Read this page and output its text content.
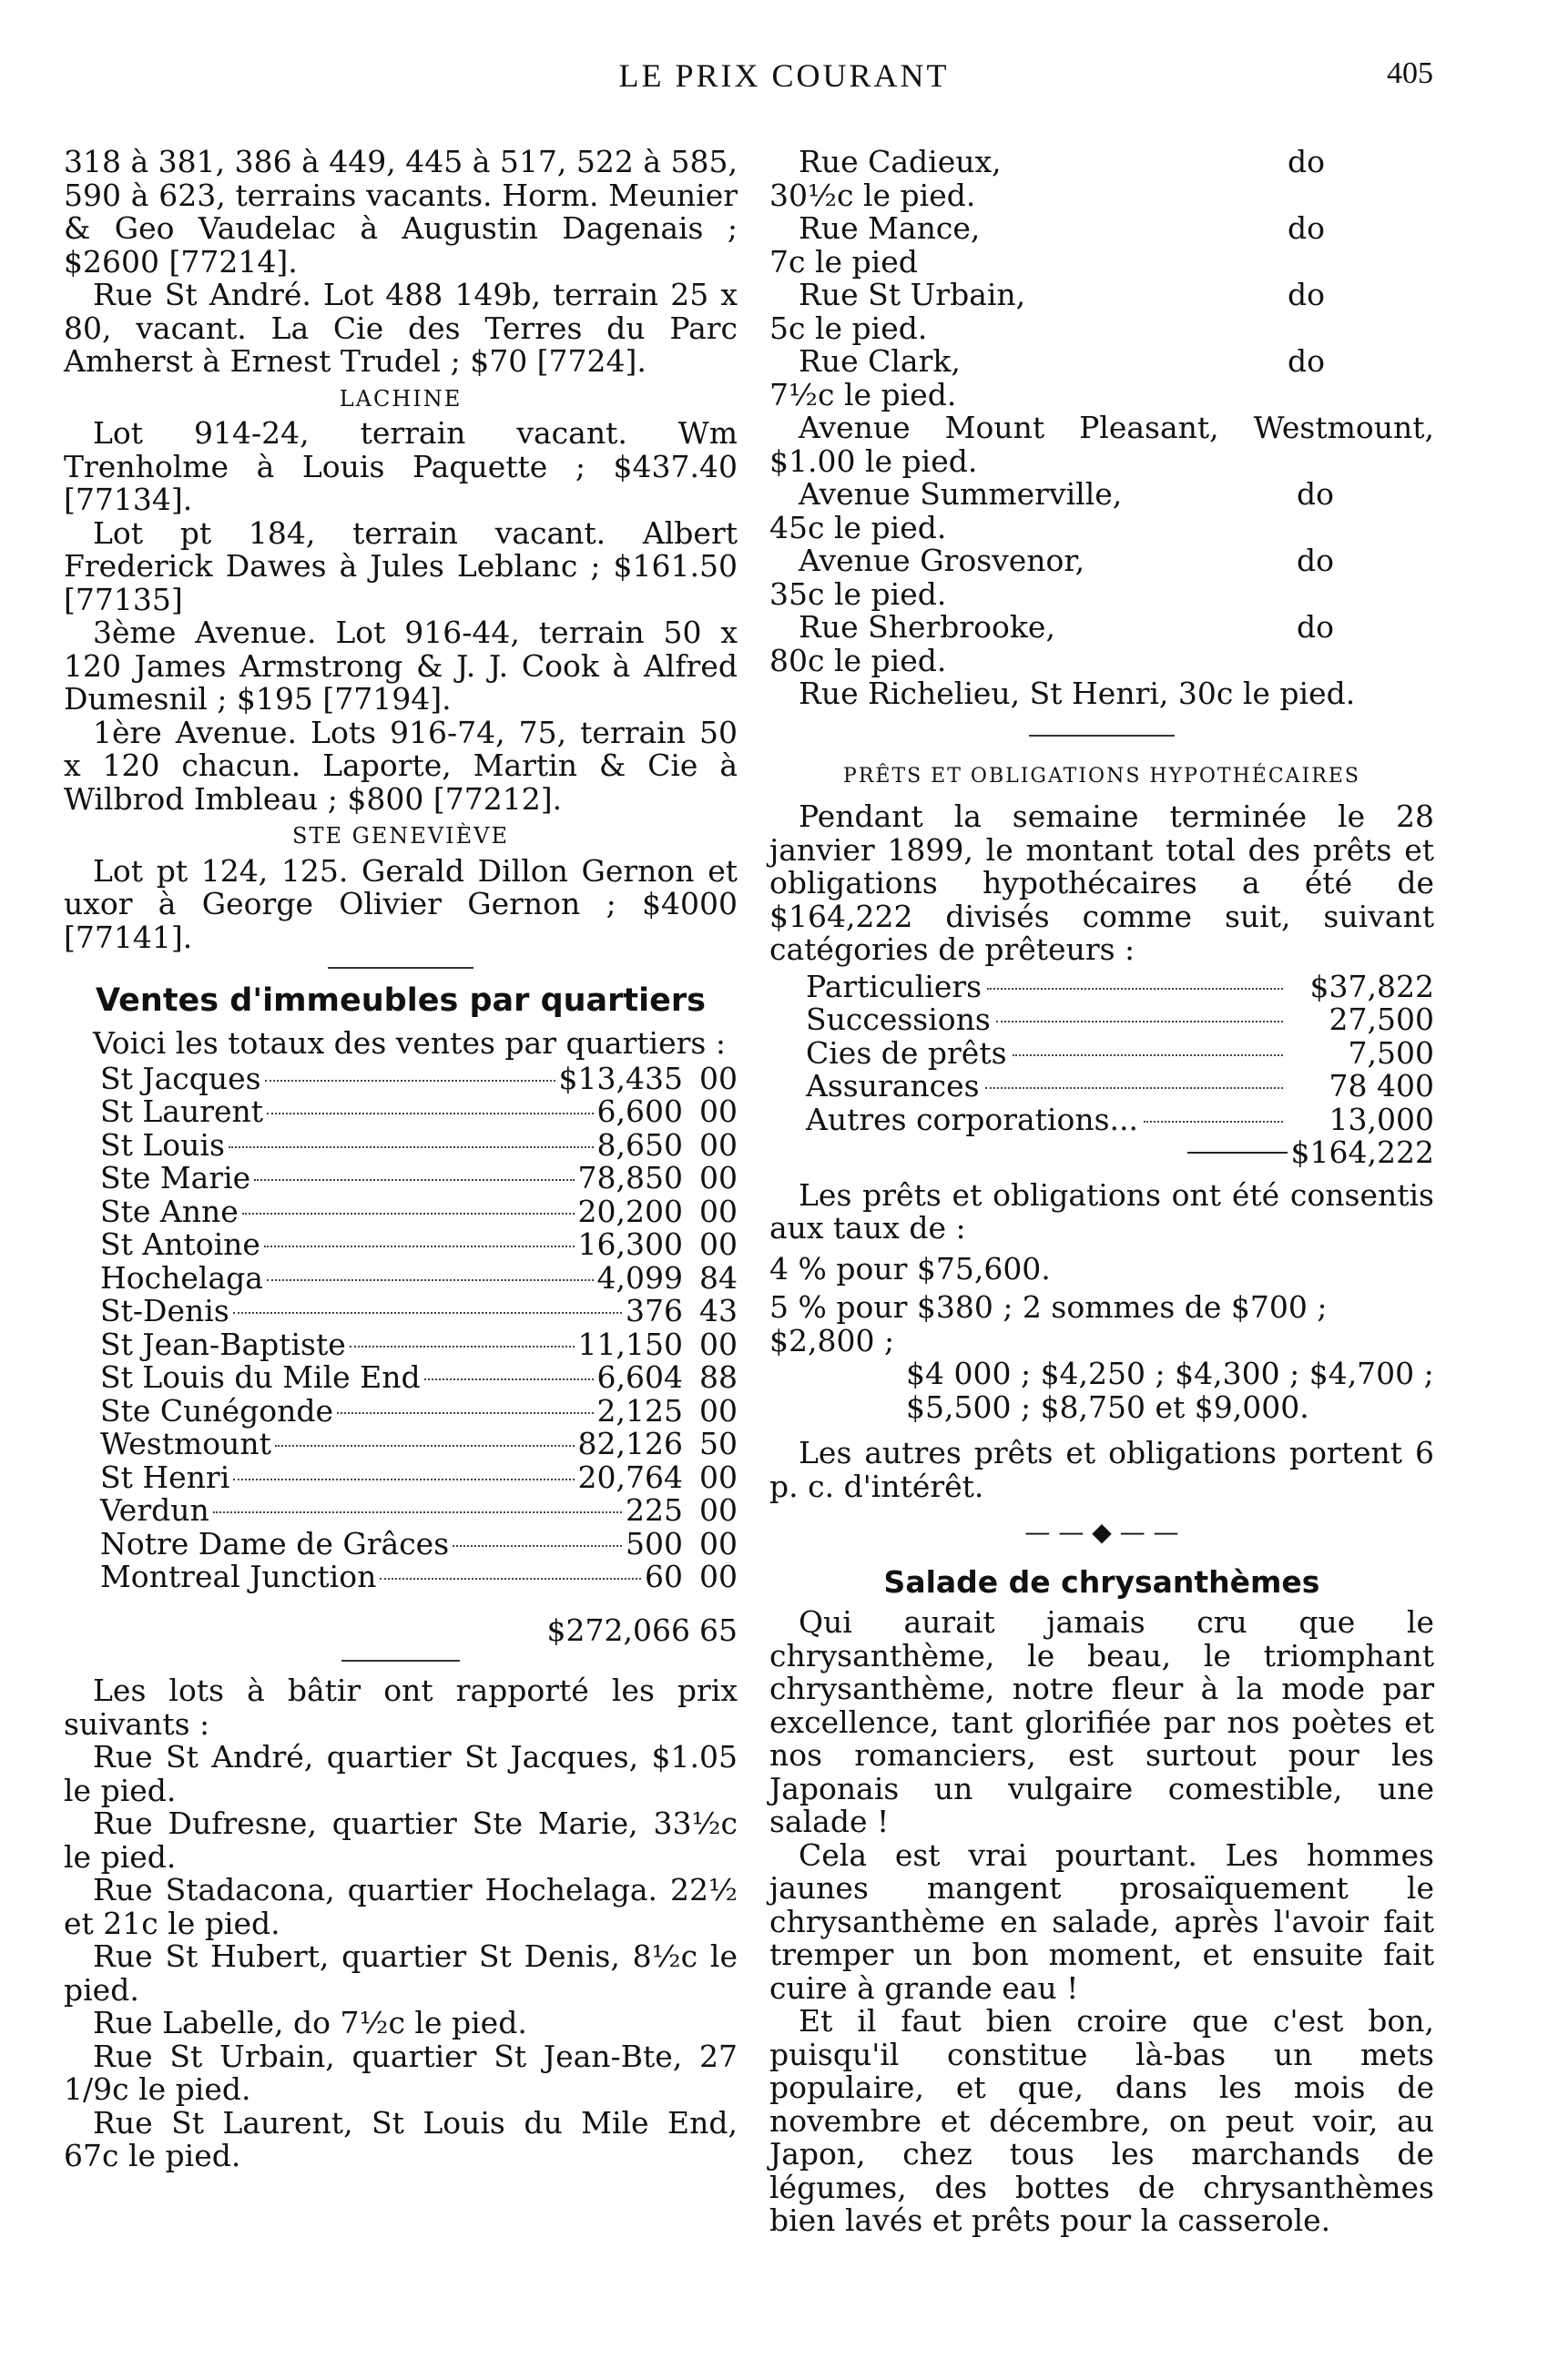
LE PRIX COURANT	405

318 à 381, 386 à 449, 445 à 517, 522 à 585, 590 à 623, terrains vacants. Horm. Meunier & Geo Vaudelac à Augustin Dagenais ; $2600 [77214].

Rue St André. Lot 488 149b, terrain 25 x 80, vacant. La Cie des Terres du Parc Amherst à Ernest Trudel ; $70 [7724].

LACHINE

Lot 914-24, terrain vacant. Wm Trenholme à Louis Paquette ; $437.40 [77134].

Lot pt 184, terrain vacant. Albert Frederick Dawes à Jules Leblanc ; $161.50 [77135]

3ème Avenue. Lot 916-44, terrain 50 x 120 James Armstrong & J. J. Cook à Alfred Dumesnil ; $195 [77194].

1ère Avenue. Lots 916-74, 75, terrain 50 x 120 chacun. Laporte, Martin & Cie à Wilbrod Imbleau ; $800 [77212].

STE GENEVIÈVE

Lot pt 124, 125. Gerald Dillon Gernon et uxor à George Olivier Gernon ; $4000 [77141].

Ventes d'immeubles par quartiers

Voici les totaux des ventes par quartiers :

St Jacques	$13,435 00
St Laurent	6,600 00
St Louis	8,650 00
Ste Marie	78,850 00
Ste Anne	20,200 00
St Antoine	16,300 00
Hochelaga	4,099 84
St-Denis	376 43
St Jean-Baptiste	11,150 00
St Louis du Mile End	6,604 88
Ste Cunégonde	2,125 00
Westmount	82,126 50
St Henri	20,764 00
Verdun	225 00
Notre Dame de Grâces	500 00
Montreal Junction	60 00
$272,066 65

Les lots à bâtir ont rapporté les prix suivants :

Rue St André, quartier St Jacques, $1.05 le pied.

Rue Dufresne, quartier Ste Marie, 33½c le pied.

Rue Stadacona, quartier Hochelaga. 22½ et 21c le pied.

Rue St Hubert, quartier St Denis, 8½c le pied.

Rue Labelle, do 7½c le pied.

Rue St Urbain, quartier St Jean-Bte, 27 1/9c le pied.

Rue St Laurent, St Louis du Mile End, 67c le pied.

Rue Cadieux,	do

30½c le pied.

Rue Mance,	do

7c le pied

Rue St Urbain,	do

5c le pied.

Rue Clark,	do

7½c le pied.

Avenue Mount Pleasant, Westmount, $1.00 le pied.

Avenue Summerville,	do

45c le pied.

Avenue Grosvenor,	do

35c le pied.

Rue Sherbrooke,	do

80c le pied.

Rue Richelieu, St Henri, 30c le pied.

PRÊTS ET OBLIGATIONS HYPOTHÉCAIRES

Pendant la semaine terminée le 28 janvier 1899, le montant total des prêts et obligations hypothécaires a été de $164,222 divisés comme suit, suivant catégories de prêteurs :

Particuliers	$37,822
Successions	27,500
Cies de prêts	7,500
Assurances	78 400
Autres corporations...	13,000
$164,222

Les prêts et obligations ont été consentis aux taux de :

4 % pour $75,600.

5 % pour $380 ; 2 sommes de $700 ; $2,800 ;

$4 000 ; $4,250 ; $4,300 ; $4,700 ;

$5,500 ; $8,750 et $9,000.

Les autres prêts et obligations portent 6 p. c. d'intérêt.

— — ◆ — —
Salade de chrysanthèmes

Qui aurait jamais cru que le chrysanthème, le beau, le triomphant chrysanthème, notre fleur à la mode par excellence, tant glorifiée par nos poètes et nos romanciers, est surtout pour les Japonais un vulgaire comestible, une salade !

Cela est vrai pourtant. Les hommes jaunes mangent prosaïquement le chrysanthème en salade, après l'avoir fait tremper un bon moment, et ensuite fait cuire à grande eau !

Et il faut bien croire que c'est bon, puisqu'il constitue là-bas un mets populaire, et que, dans les mois de novembre et décembre, on peut voir, au Japon, chez tous les marchands de légumes, des bottes de chrysanthèmes bien lavés et prêts pour la casserole.
